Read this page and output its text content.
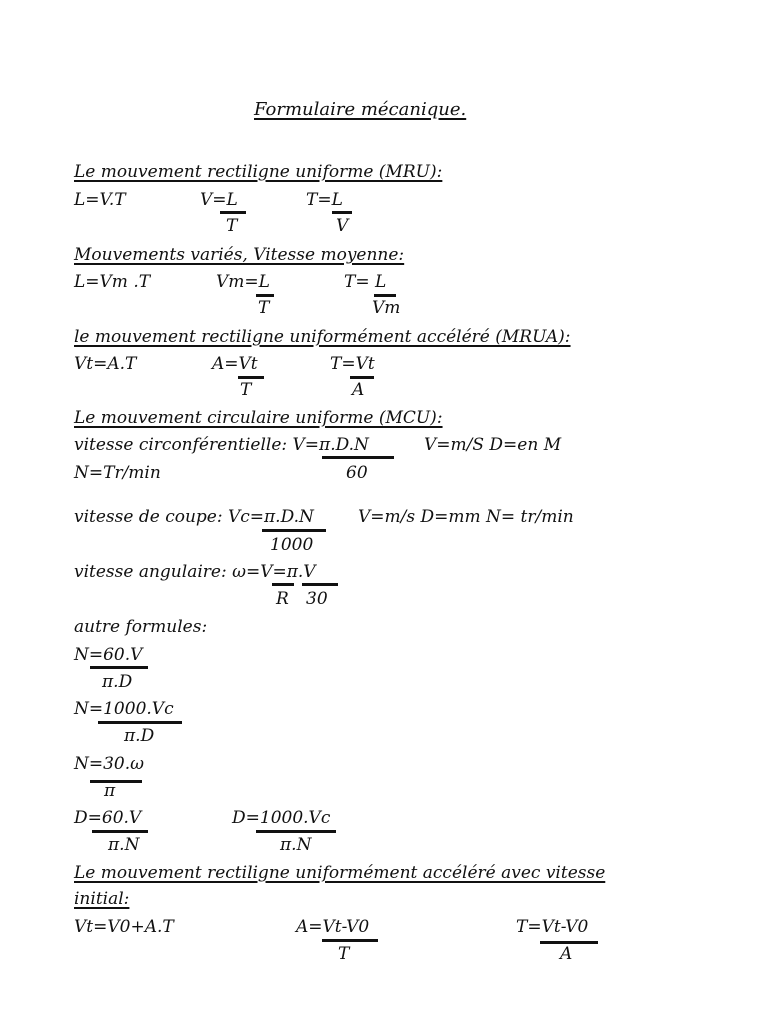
Formulaire mécanique.
Le mouvement rectiligne uniforme (MRU):
L=V.T	V=L
T
T=L
V
Mouvements variés, Vitesse moyenne:
L=Vm .T	Vm=L
T
T= L
Vm
le mouvement rectiligne uniformément accéléré (MRUA):
Vt=A.T	A=Vt
T
T=Vt
A
Le mouvement circulaire uniforme (MCU):
vitesse circonférentielle: V=π.D.N	V=m/S D=en M
N=Tr/min	60
vitesse de coupe: Vc=π.D.N	V=m/s D=mm N= tr/min
1000
vitesse angulaire: ω=V=π.V
R 30
autre formules:
N=60.V
π.D
N=1000.Vc
π.D
N=30.ω
π
D=60.V
π.N
D=1000.Vc
π.N
Le mouvement rectiligne uniformément accéléré avec vitesse
initial:
Vt=V0+A.T	A=Vt-V0
T
T=Vt-V0
A
